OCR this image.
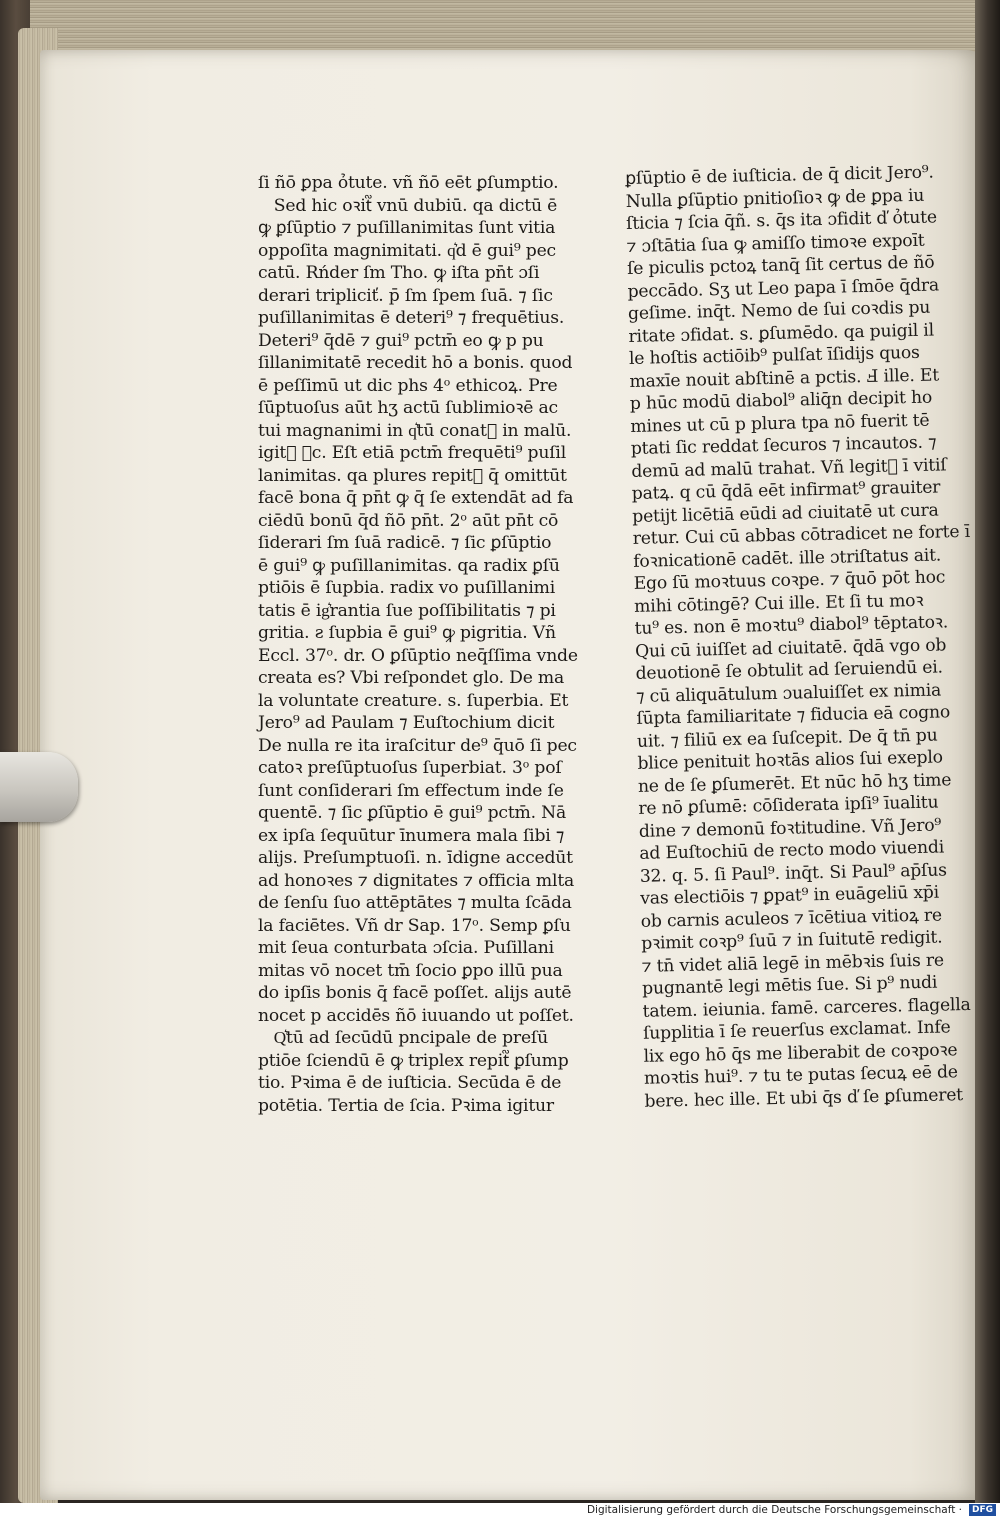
ſi ñō ꝑpa ỏtute. vñ ñō eēt ꝑſumptio.
Sed hic oꝛit᷑ vnū dubiū. qa dictū ē
ꝙ ꝑſūptio ⁊ puſillanimitas ſunt vitia
oppoſita magnimitati. q͛d ē gui⁹ pec
catū. Rńder ſm Tho. ꝙ iſta pn̄t ɔſi
derari tripliciť. p̄ ſm ſpem ſuā. ⁊ ſic
puſillanimitas ē deteri⁹ ⁊ frequētius.
Deteri⁹ q̄dē ⁊ gui⁹ pctm̄ eo ꝙ p pu
ſillanimitatē recedit hō a bonis. quod
ē peſſimū ut dic phs 4ᵒ ethicoꝝ. Pre
ſūptuoſus aūt hʒ actū ſublimioꝛē ac
tui magnanimi in q͛tū conat᷑ in malū.
igit᷑ ꝛc. Eſt etiā pctm̄ frequēti⁹ puſil
lanimitas. qa plures repit᷑ q̄ omittūt
facē bona q̄ pn̄t ꝙ q̄ ſe extendāt ad fa
ciēdū bonū q̄d ñō pn̄t. 2ᵒ aūt pn̄t cō
ſiderari ſm ſuā radicē. ⁊ ſic ꝑſūptio
ē gui⁹ ꝙ puſillanimitas. qa radix ꝑſū
ptiōis ē ſupbia. radix vo puſillanimi
tatis ē ig͛rantia ſue poſſibilitatis ⁊ pi
gritia. ƨ ſupbia ē gui⁹ ꝙ pigritia. Vñ
Eccl. 37ᵒ. dr. O ꝑſūptio neq̄ſſima vnde
creata es? Vbi reſpondet glo. De ma
la voluntate creature. s. ſuperbia. Et
Jero⁹ ad Paulam ⁊ Euſtochium dicit
De nulla re ita iraſcitur de⁹ q̄uō ſi pec
catoꝛ preſūptuoſus ſuperbiat. 3ᵒ poſ
ſunt conſiderari ſm effectum inde ſe
quentē. ⁊ ſic ꝑſūptio ē gui⁹ pctm̄. Nā
ex ipſa ſequūtur īnumera mala ſibi ⁊
alijs. Preſumptuoſi. n. īdigne accedūt
ad honoꝛes ⁊ dignitates ⁊ officia mlta
de ſenſu ſuo attēptātes ⁊ multa ſcāda
la faciētes. Vñ dr Sap. 17ᵒ. Semp ꝑſu
mit ſeua conturbata ɔſcia. Puſillani
mitas vō nocet tm̄ ſocio ꝑpo illū pua
do ipſis bonis q̄ facē poſſet. alijs autē
nocet p accidēs ñō iuuando ut poſſet.
Q͛tū ad ſecūdū pncipale de preſū
ptiōe ſciendū ē ꝙ triplex repit᷑ ꝑſump
tio. Pꝛima ē de iuſticia. Secūda ē de
potētia. Tertia de ſcia. Pꝛima igitur
ꝑſūptio ē de iuſticia. de q̄ dicit Jero⁹.
Nulla ꝑſūptio pnitioſioꝛ ꝙ de ꝑpa iu
ſticia ⁊ ſcia q̄ñ. s. q̄s ita ɔfidit ď ỏtute
⁊ ɔſtātia ſua ꝙ amiſſo timoꝛe expoīt
ſe piculis pctoꝝ tanq̄ ſit certus de ñō
peccādo. Sʒ ut Leo papa ī ſmōe q̄dra
geſime. inq̄t. Nemo de ſui coꝛdis pu
ritate ɔfidat. s. ꝑſumēdo. qa puigil il
le hoſtis actiōib⁹ pulſat īſidijs quos
maxīe nouit abſtinē a pctis. Ⅎ ille. Et
p hūc modū diabol⁹ aliq̄n decipit ho
mines ut cū p plura tpa nō fuerit tē
ptati ſic reddat ſecuros ⁊ incautos. ⁊
demū ad malū trahat. Vñ legit᷑ ī vitiſ
patꝝ. q cū q̄dā eēt infirmat⁹ grauiter
petijt licētiā eūdi ad ciuitatē ut cura
retur. Cui cū abbas cōtradicet ne forte ī
foꝛnicationē cadēt. ille ɔtriſtatus ait.
Ego ſū moꝛtuus coꝛpe. ⁊ q̄uō pōt hoc
mihi cōtingē? Cui ille. Et ſi tu moꝛ
tu⁹ es. non ē moꝛtu⁹ diabol⁹ tēptatoꝛ.
Qui cū iuiſſet ad ciuitatē. q̄dā vgo ob
deuotionē ſe obtulit ad ſeruiendū ei.
⁊ cū aliquātulum ɔualuiſſet ex nimia
ſūpta familiaritate ⁊ fiducia eā cogno
uit. ⁊ filiū ex ea ſuſcepit. De q̄ tn̄ pu
blice penituit hoꝛtās alios ſui exeplo
ne de ſe ꝑſumerēt. Et nūc hō hʒ time
re nō ꝑſumē: cōſiderata ipſi⁹ īualitu
dine ⁊ demonū foꝛtitudine. Vñ Jero⁹
ad Euſtochiū de recto modo viuendi
32. q. 5. ſi Paul⁹. inq̄t. Si Paul⁹ ap̄ſus
vas electiōis ⁊ ꝑpat⁹ in euāgeliū xp̄i
ob carnis aculeos ⁊ īcētiua vitioꝝ re
pꝛimit coꝛp⁹ ſuū ⁊ in ſuitutē redigit.
⁊ tn̄ videt aliā legē in mēbꝛis ſuis re
pugnantē legi mētis ſue. Si p⁹ nudi
tatem. ieiunia. famē. carceres. flagella
ſupplitia ī ſe reuerſus exclamat. Infe
lix ego hō q̄s me liberabit de coꝛpoꝛe
moꝛtis hui⁹. ⁊ tu te putas ſecuꝝ eē de
bere. hec ille. Et ubi q̄s ď ſe ꝑſumeret
Digitalisierung gefördert durch die Deutsche Forschungsgemeinschaft ·	DFG
